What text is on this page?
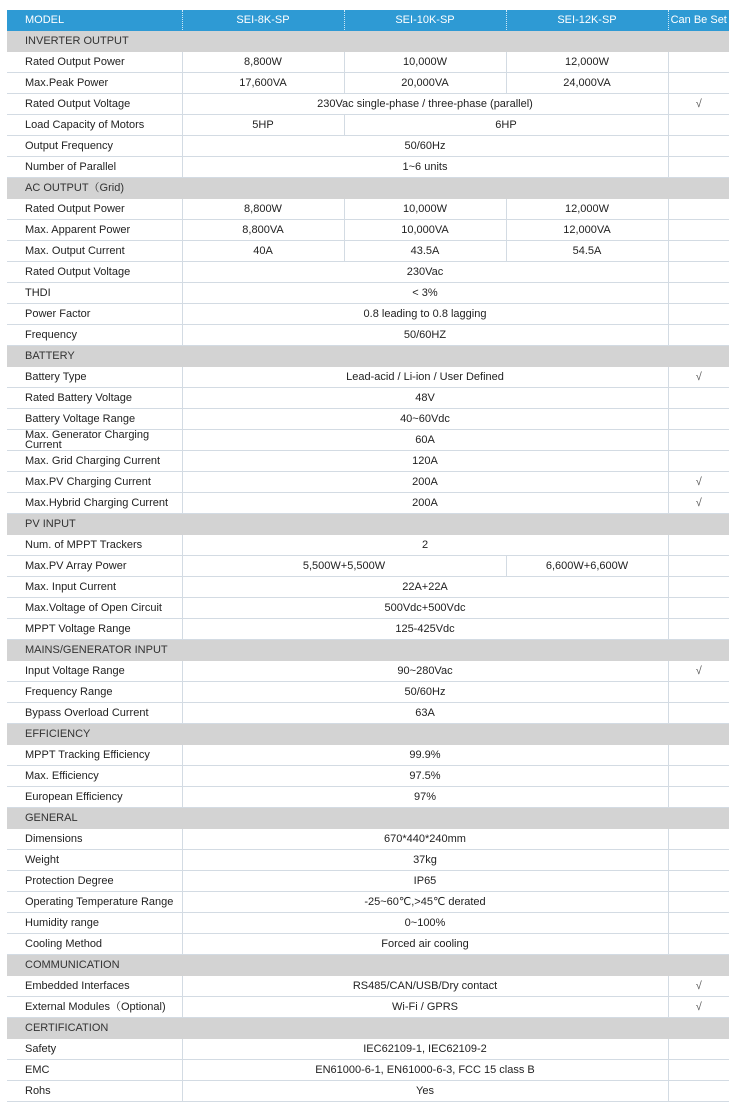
MODEL	SEI-8K-SP	SEI-10K-SP	SEI-12K-SP	Can Be Set
INVERTER OUTPUT				
Rated Output Power	8,800W	10,000W	12,000W	
Max.Peak Power	17,600VA	20,000VA	24,000VA	
Rated Output Voltage	230Vac single-phase / three-phase (parallel)			√
Load Capacity of Motors	5HP	6HP		
Output Frequency	50/60Hz			
Number of Parallel	1~6 units			
AC OUTPUT（Grid)				
Rated Output Power	8,800W	10,000W	12,000W	
Max. Apparent Power	8,800VA	10,000VA	12,000VA	
Max. Output Current	40A	43.5A	54.5A	
Rated Output Voltage	230Vac			
THDI	< 3%			
Power Factor	0.8 leading to 0.8 lagging			
Frequency	50/60HZ			
BATTERY				
Battery Type	Lead-acid / Li-ion / User Defined			√
Rated Battery Voltage	48V			
Battery Voltage Range	40~60Vdc			
Max. Generator Charging Current	60A			
Max. Grid Charging Current	120A			
Max.PV Charging Current	200A			√
Max.Hybrid Charging Current	200A			√
PV INPUT				
Num. of MPPT Trackers	2			
Max.PV Array Power	5,500W+5,500W		6,600W+6,600W	
Max. Input Current	22A+22A			
Max.Voltage of Open Circuit	500Vdc+500Vdc			
MPPT Voltage Range	125-425Vdc			
MAINS/GENERATOR INPUT				
Input Voltage Range	90~280Vac			√
Frequency Range	50/60Hz			
Bypass Overload Current	63A			
EFFICIENCY				
MPPT Tracking Efficiency	99.9%			
Max. Efficiency	97.5%			
European Efficiency	97%			
GENERAL				
Dimensions	670*440*240mm			
Weight	37kg			
Protection Degree	IP65			
Operating Temperature Range	-25~60℃,>45℃ derated			
Humidity range	0~100%			
Cooling Method	Forced air cooling			
COMMUNICATION				
Embedded Interfaces	RS485/CAN/USB/Dry contact			√
External Modules（Optional)	Wi-Fi / GPRS			√
CERTIFICATION				
Safety	IEC62109-1, IEC62109-2			
EMC	EN61000-6-1, EN61000-6-3, FCC 15 class B			
Rohs	Yes			
